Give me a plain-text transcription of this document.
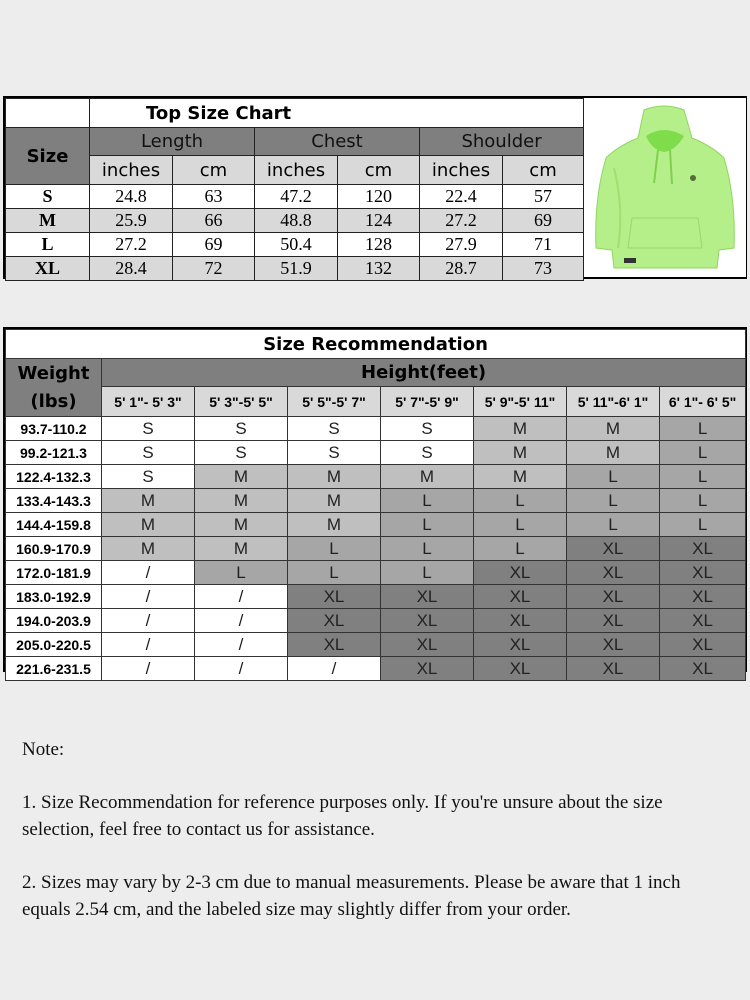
	Top Size Chart					
Size	Length		Chest		Shoulder	
	inches	cm	inches	cm	inches	cm
S	24.8	63	47.2	120	22.4	57
M	25.9	66	48.8	124	27.2	69
L	27.2	69	50.4	128	27.9	71
XL	28.4	72	51.9	132	28.7	73
Size Recommendation							

Weight
(lbs)	Height(feet)						
	5' 1"- 5' 3"	5' 3"-5' 5"	5' 5"-5' 7"	5' 7"-5' 9"	5' 9"-5' 11"	5' 11"-6' 1"	6' 1"- 6' 5"
93.7-110.2	S	S	S	S	M	M	L
99.2-121.3	S	S	S	S	M	M	L
122.4-132.3	S	M	M	M	M	L	L
133.4-143.3	M	M	M	L	L	L	L
144.4-159.8	M	M	M	L	L	L	L
160.9-170.9	M	M	L	L	L	XL	XL
172.0-181.9	/	L	L	L	XL	XL	XL
183.0-192.9	/	/	XL	XL	XL	XL	XL
194.0-203.9	/	/	XL	XL	XL	XL	XL
205.0-220.5	/	/	XL	XL	XL	XL	XL
221.6-231.5	/	/	/	XL	XL	XL	XL

Note:

1. Size Recommendation for reference purposes only. If you're unsure about the size selection, feel free to contact us for assistance.

2. Sizes may vary by 2-3 cm due to manual measurements. Please be aware that 1 inch equals 2.54 cm, and the labeled size may slightly differ from your order.
